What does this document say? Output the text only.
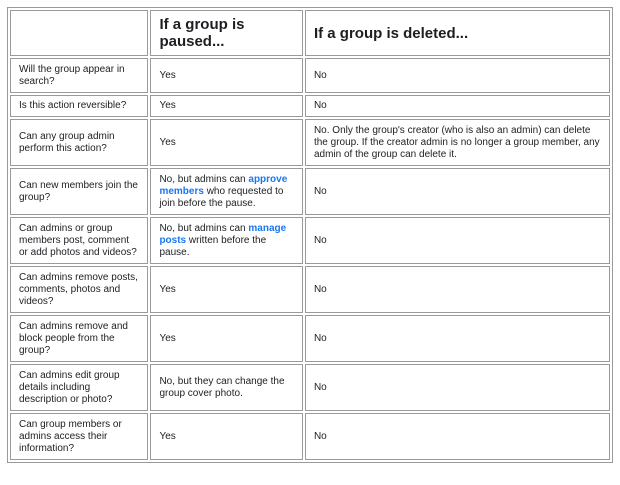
	If a group is paused...	If a group is deleted...
Will the group appear in search?	Yes	No
Is this action reversible?	Yes	No
Can any group admin perform this action?	Yes	No. Only the group's creator (who is also an admin) can delete the group. If the creator admin is no longer a group member, any admin of the group can delete it.
Can new members join the group?	No, but admins can approve members who requested to join before the pause.	No
Can admins or group members post, comment or add photos and videos?	No, but admins can manage posts written before the pause.	No
Can admins remove posts, comments, photos and videos?	Yes	No
Can admins remove and block people from the group?	Yes	No
Can admins edit group details including description or photo?	No, but they can change the group cover photo.	No
Can group members or admins access their information?	Yes	No
